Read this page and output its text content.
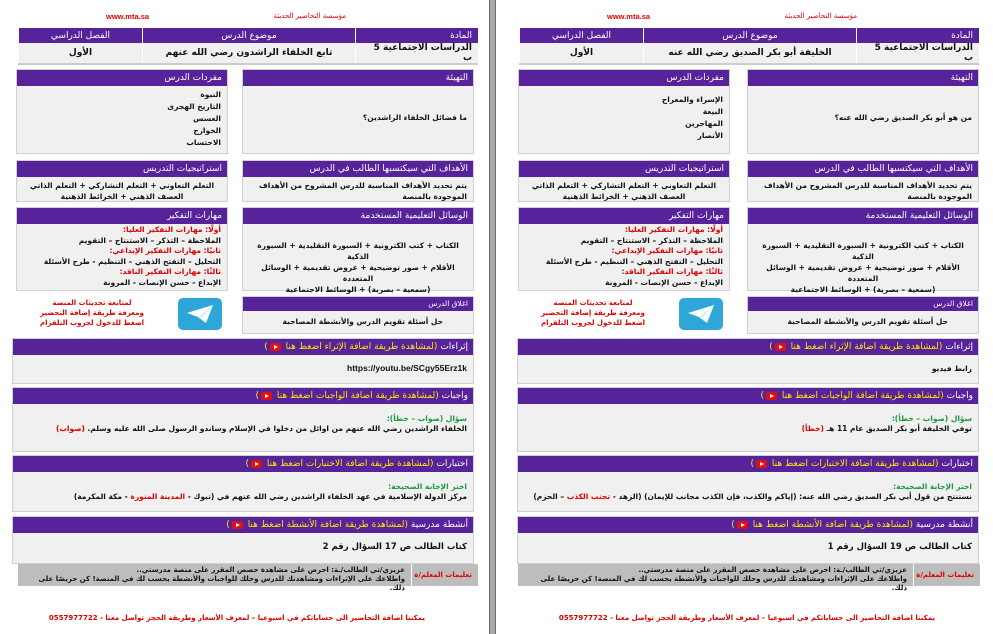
مؤسسة التحاضير الحديثة
www.mta.sa
المادة	موضوع الدرس	الفصل الدراسي
الدراسات الاجتماعية 5 ب	تابع الخلفاء الراشدون رضي الله عنهم	الأول
التهيئة
ما فضائل الخلفاء الراشدين؟
مفردات الدرس
النبوة
التاريخ الهجرى
العسس
الخوارج
الاحتساب
الأهداف التي سيكتسبها الطالب في الدرس
يتم تحديد الأهداف المناسبة للدرس المشروح من الأهداف الموجودة بالمنصة
استراتيجيات التدريس
التعلم التعاوني + التعلم التشاركي + التعلم الذاتي
العصف الذهني + الخرائط الذهنية
الوسائل التعليمية المستخدمة
الكتاب + كتب الكترونية + السبورة التقليدية + السبورة الذكية
الأقلام + صور توضيحية + عروض تقديمية + الوسائل المتعددة
(سمعية – بصرية) + الوسائط الاجتماعية
مهارات التفكير
أولًا: مهارات التفكير العليا:
الملاحظة – التذكر – الاستنتاج – التقويم
ثانيًا: مهارات التفكير الإبداعي:
التحليل – التفتح الذهني – التنظيم - طرح الأسئلة
ثالثًا: مهارات التفكير الناقد:
الإبداع - حسن الإنصات - المرونة
اغلاق الدرس
حل أسئلة تقويم الدرس والأنشطة المصاحبة
لمتابعة تحديثات المنصة
ومعرفة طريقة إضافة التحضير
اضغط للدخول لجروب التلقرام
إثراءات (لمشاهدة طريقة اضافة الإثراء اضغط هنا )
https://youtu.be/SCgy55Erz1k
واجبات (لمشاهدة طريقة اضافة الواجبات اضغط هنا )
سؤال (صواب – خطأ):
الخلفاء الراشدين رضي الله عنهم من اوائل من دخلوا في الإسلام وساندو الرسول صلى الله عليه وسلم. (صواب)
اختبارات (لمشاهدة طريقة اضافة الاختبارات اضغط هنا )
اختر الإجابة الصحيحة:
مركز الدولة الإسلامية في عهد الخلفاء الراشدين رضي الله عنهم في (تبوك - المدينة المنورة - مكة المكرمة)
أنشطة مدرسية (لمشاهدة طريقة اضافة الأنشطة اضغط هنا )
كتاب الطالب ص 17 السؤال رقم 2
تعليمات المعلم/ة
عزيزي/تي الطالب/ـة: احرص على مشاهدة حصص المقرر على منصة مدرستي..
واطلاعك على الإثراءات ومشاهدتك للدرس وحلك للواجبات والأنشطة يحسب لك في المنصة! كن حريصًا على ذلك.
يمكننا اضافة التحاضير الى حساباتكم في اسبوعيا – لمعرف الأسعار وطريقة الحجز تواصل معنا - 0557977722
مؤسسة التحاضير الحديثة
www.mta.sa
المادة	موضوع الدرس	الفصل الدراسي
الدراسات الاجتماعية 5 ب	الخليفة أبو بكر الصديق رضي الله عنه	الأول
التهيئة
من هو أبو بكر الصديق رضي الله عنه؟
مفردات الدرس
الإسراء والمعراج
البيعة
المهاجرين
الأنصار
الأهداف التي سيكتسبها الطالب في الدرس
يتم تحديد الأهداف المناسبة للدرس المشروح من الأهداف الموجودة بالمنصة
استراتيجيات التدريس
التعلم التعاوني + التعلم التشاركي + التعلم الذاتي
العصف الذهني + الخرائط الذهنية
الوسائل التعليمية المستخدمة
الكتاب + كتب الكترونية + السبورة التقليدية + السبورة الذكية
الأقلام + صور توضيحية + عروض تقديمية + الوسائل المتعددة
(سمعية – بصرية) + الوسائط الاجتماعية
مهارات التفكير
أولًا: مهارات التفكير العليا:
الملاحظة – التذكر – الاستنتاج – التقويم
ثانيًا: مهارات التفكير الإبداعي:
التحليل – التفتح الذهني – التنظيم - طرح الأسئلة
ثالثًا: مهارات التفكير الناقد:
الإبداع - حسن الإنصات - المرونة
اغلاق الدرس
حل أسئلة تقويم الدرس والأنشطة المصاحبة
لمتابعة تحديثات المنصة
ومعرفة طريقة إضافة التحضير
اضغط للدخول لجروب التلقرام
إثراءات (لمشاهدة طريقة اضافة الإثراء اضغط هنا )
رابط فيديو
واجبات (لمشاهدة طريقة اضافة الواجبات اضغط هنا )
سؤال (صواب – خطأ):
توفي الخليفة أبو بكر الصديق عام 11 هـ (خطأ)
اختبارات (لمشاهدة طريقة اضافة الاختبارات اضغط هنا )
اختر الإجابة الصحيحة:
نستنتج من قول أبي بكر الصديق رضي الله عنه: (إياكم والكذب، فإن الكذب مجانب للإيمان) (الزهد - تجنب الكذب – الحزم)
أنشطة مدرسية (لمشاهدة طريقة اضافة الأنشطة اضغط هنا )
كتاب الطالب ص 19 السؤال رقم 1
تعليمات المعلم/ة
عزيزي/تي الطالب/ـة: احرص على مشاهدة حصص المقرر على منصة مدرستي..
واطلاعك على الإثراءات ومشاهدتك للدرس وحلك للواجبات والأنشطة يحسب لك في المنصة! كن حريصًا على ذلك.
يمكننا اضافة التحاضير الى حساباتكم في اسبوعيا – لمعرف الأسعار وطريقة الحجز تواصل معنا - 0557977722
